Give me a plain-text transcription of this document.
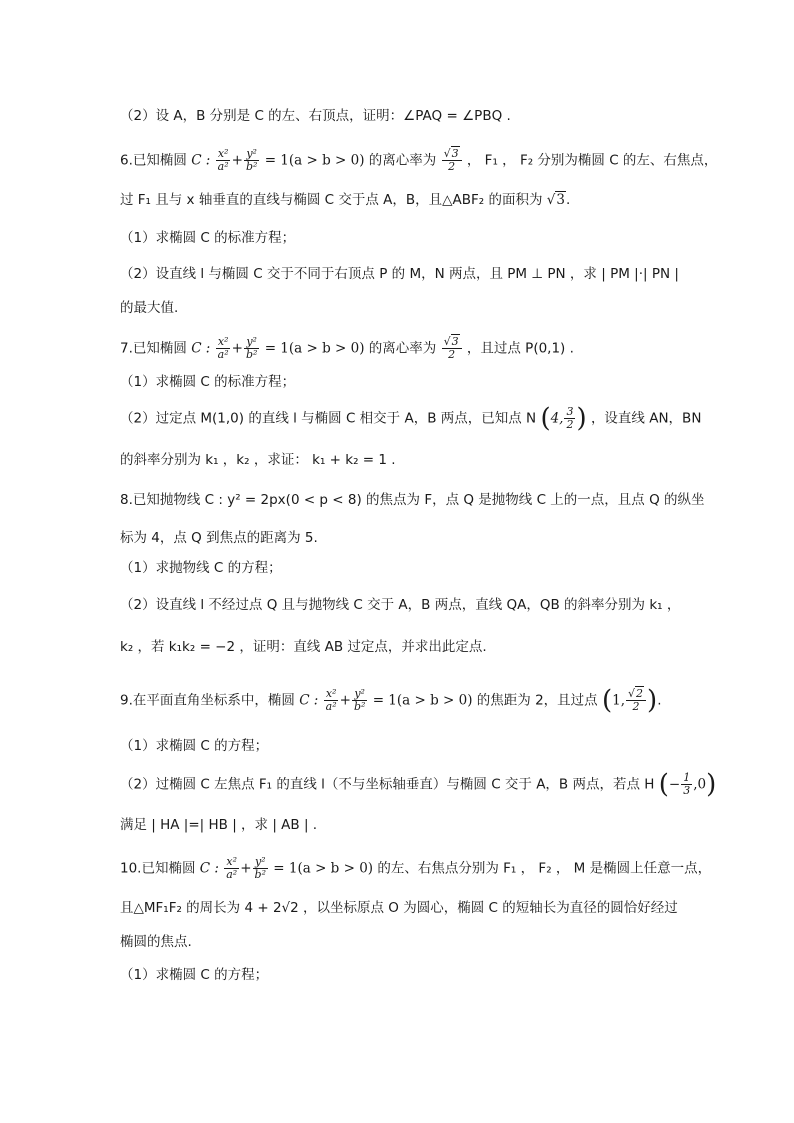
（2）设 A，B 分别是 C 的左、右顶点，证明：∠PAQ = ∠PBQ .
6.已知椭圆 C : $\frac{\text{x²}}{\text{a²}} + \frac{\text{y²}}{\text{b²}} = 1(a > b > 0)$ 的离心率为 $\frac{√3}{2}$ ， F₁ ， F₂ 分别为椭圆 C 的左、右焦点，
过 F₁ 且与 x 轴垂直的直线与椭圆 C 交于点 A，B，且△ABF₂ 的面积为 √3.
（1）求椭圆 C 的标准方程；
（2）设直线 l 与椭圆 C 交于不同于右顶点 P 的 M，N 两点，且 PM ⊥ PN ，求 | PM |·| PN |
的最大值.
7.已知椭圆 C : $\frac{\text{x²}}{\text{a²}} + \frac{\text{y²}}{\text{b²}} = 1(a > b > 0)$ 的离心率为 $\frac{√3}{2}$ ，且过点 P(0,1) .
（1）求椭圆 C 的标准方程；
（2）过定点 M(1,0) 的直线 l 与椭圆 C 相交于 A，B 两点，已知点 N (4, $\frac{3}{2}$ ) ，设直线 AN，BN
的斜率分别为 k₁ ，k₂ ，求证： k₁ + k₂ = 1 .
8.已知抛物线 C : y² = 2px(0 < p < 8) 的焦点为 F，点 Q 是抛物线 C 上的一点，且点 Q 的纵坐
标为 4，点 Q 到焦点的距离为 5.
（1）求抛物线 C 的方程；
（2）设直线 l 不经过点 Q 且与抛物线 C 交于 A，B 两点，直线 QA，QB 的斜率分别为 k₁ ，
k₂ ，若 k₁k₂ = −2 ，证明：直线 AB 过定点，并求出此定点.
9.在平面直角坐标系中，椭圆 C : $\frac{\text{x²}}{\text{a²}} + \frac{\text{y²}}{\text{b²}} = 1(a > b > 0)$ 的焦距为 2，且过点 (1, $\frac{√2}{2}$ ).
（1）求椭圆 C 的方程；
（2）过椭圆 C 左焦点 F₁ 的直线 l（不与坐标轴垂直）与椭圆 C 交于 A，B 两点，若点 H (− $\frac{1}{3} ,0$)
满足 | HA |=| HB | ，求 | AB | .
10.已知椭圆 C : $\frac{\text{x²}}{\text{a²}} + \frac{\text{y²}}{\text{b²}} = 1(a > b > 0)$ 的左、右焦点分别为 F₁ ， F₂ ， M 是椭圆上任意一点，
且△MF₁F₂ 的周长为 4 + 2√2 ，以坐标原点 O 为圆心，椭圆 C 的短轴长为直径的圆恰好经过
椭圆的焦点.
（1）求椭圆 C 的方程；
